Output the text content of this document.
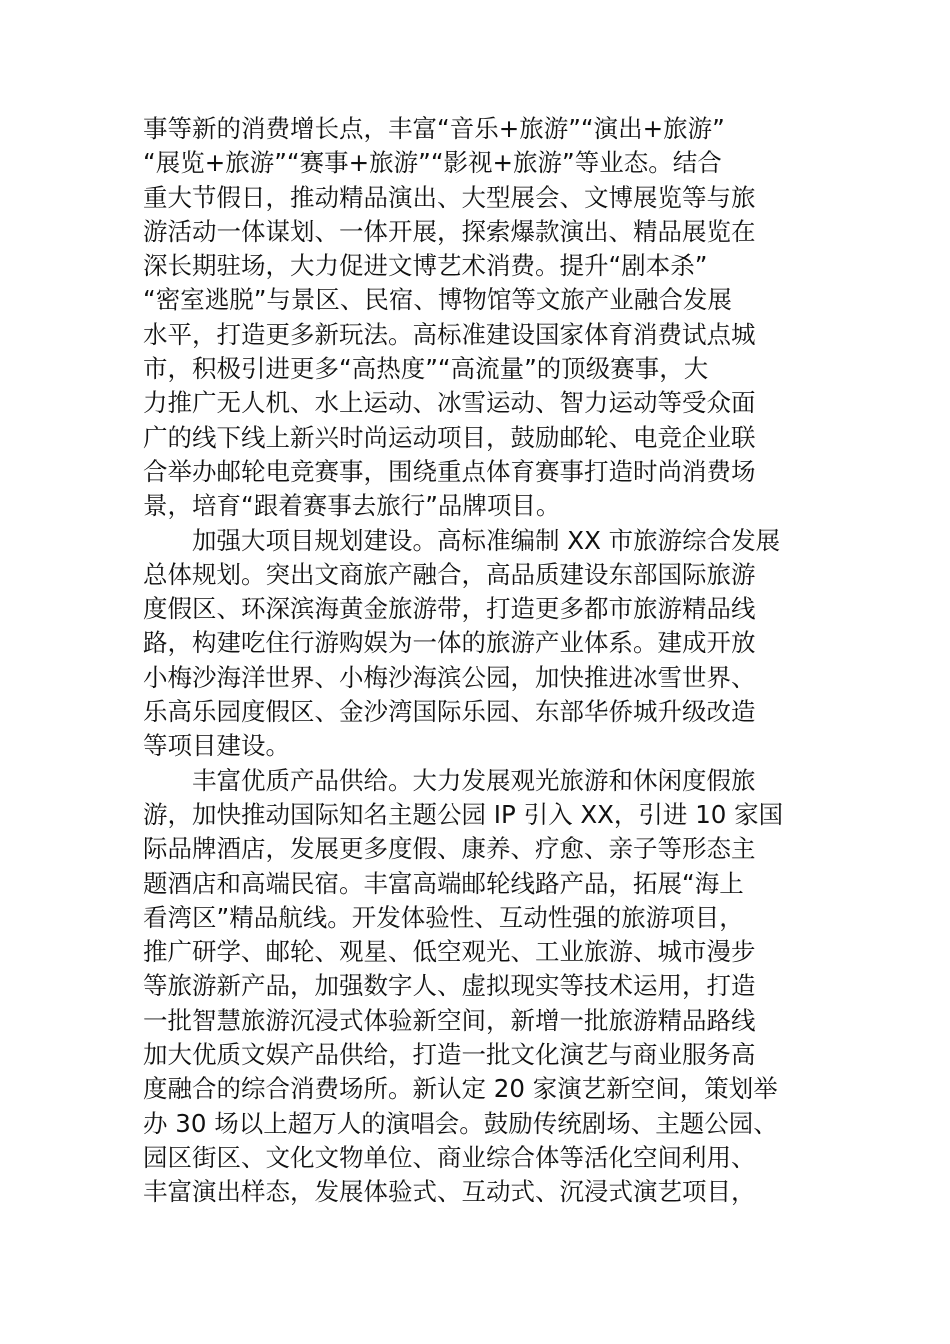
事等新的消费增长点，丰富“音乐+旅游”“演出+旅游”
“展览+旅游”“赛事+旅游”“影视+旅游”等业态。结合
重大节假日，推动精品演出、大型展会、文博展览等与旅
游活动一体谋划、一体开展，探索爆款演出、精品展览在
深长期驻场，大力促进文博艺术消费。提升“剧本杀”
“密室逃脱”与景区、民宿、博物馆等文旅产业融合发展
水平，打造更多新玩法。高标准建设国家体育消费试点城
市，积极引进更多“高热度”“高流量”的顶级赛事，大
力推广无人机、水上运动、冰雪运动、智力运动等受众面
广的线下线上新兴时尚运动项目，鼓励邮轮、电竞企业联
合举办邮轮电竞赛事，围绕重点体育赛事打造时尚消费场
景，培育“跟着赛事去旅行”品牌项目。
加强大项目规划建设。高标准编制 XX 市旅游综合发展
总体规划。突出文商旅产融合，高品质建设东部国际旅游
度假区、环深滨海黄金旅游带，打造更多都市旅游精品线
路，构建吃住行游购娱为一体的旅游产业体系。建成开放
小梅沙海洋世界、小梅沙海滨公园，加快推进冰雪世界、
乐高乐园度假区、金沙湾国际乐园、东部华侨城升级改造
等项目建设。
丰富优质产品供给。大力发展观光旅游和休闲度假旅
游，加快推动国际知名主题公园 IP 引入 XX，引进 10 家国
际品牌酒店，发展更多度假、康养、疗愈、亲子等形态主
题酒店和高端民宿。丰富高端邮轮线路产品，拓展“海上
看湾区”精品航线。开发体验性、互动性强的旅游项目，
推广研学、邮轮、观星、低空观光、工业旅游、城市漫步
等旅游新产品，加强数字人、虚拟现实等技术运用，打造
一批智慧旅游沉浸式体验新空间，新增一批旅游精品路线
加大优质文娱产品供给，打造一批文化演艺与商业服务高
度融合的综合消费场所。新认定 20 家演艺新空间，策划举
办 30 场以上超万人的演唱会。鼓励传统剧场、主题公园、
园区街区、文化文物单位、商业综合体等活化空间利用、
丰富演出样态，发展体验式、互动式、沉浸式演艺项目，
